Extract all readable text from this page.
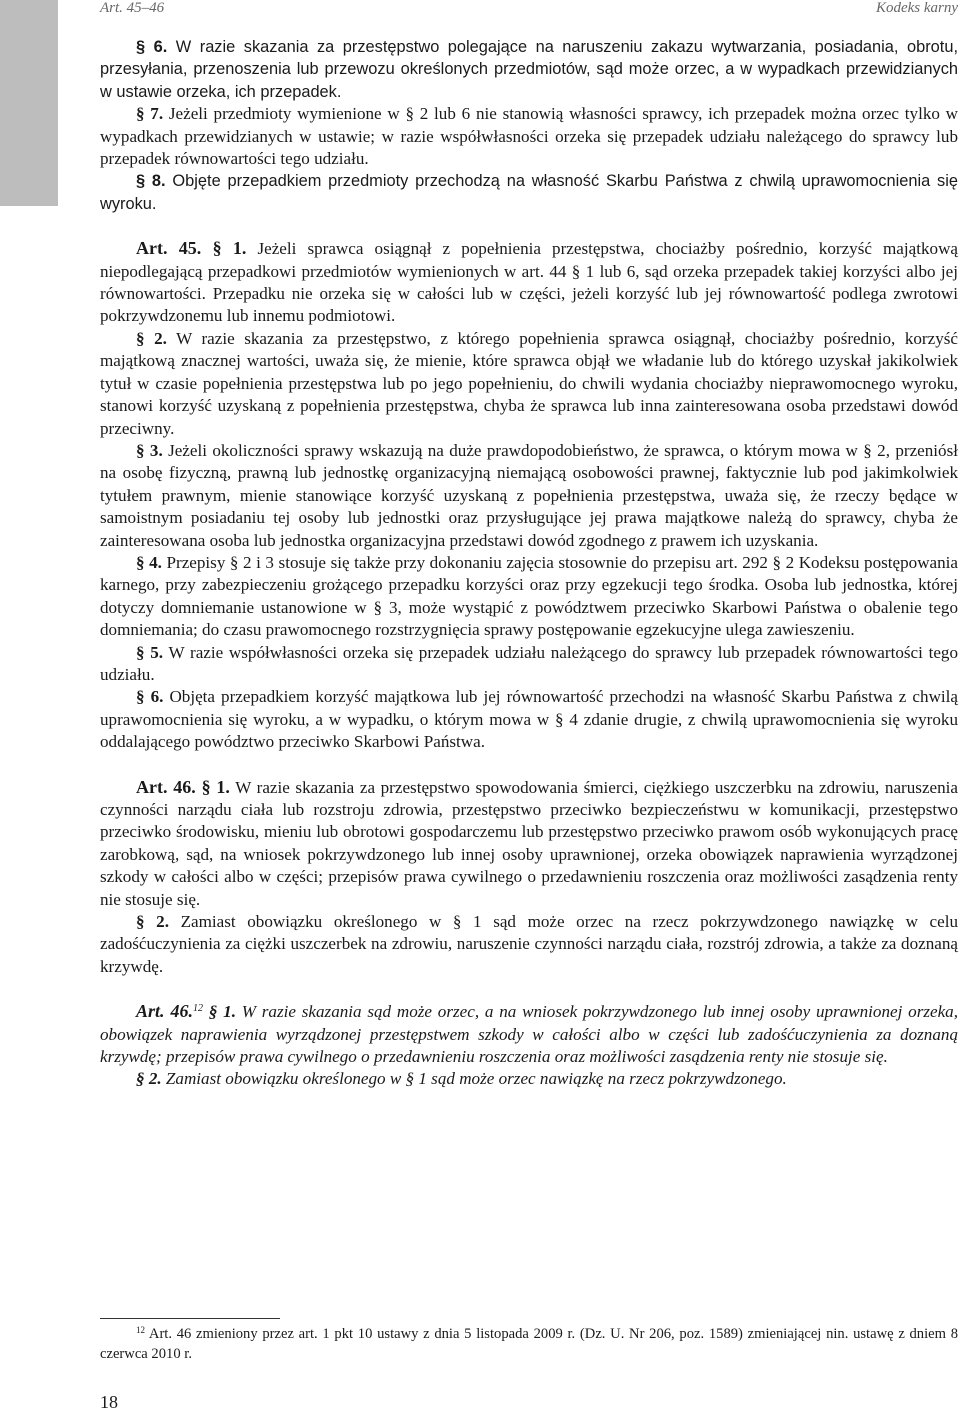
Art. 45–46	Kodeks karny

§ 6. W razie skazania za przestępstwo polegające na naruszeniu zakazu wytwarzania, posiadania, obrotu, przesyłania, przenoszenia lub przewozu określonych przedmiotów, sąd może orzec, a w wypadkach przewidzianych w ustawie orzeka, ich przepadek.

§ 7. Jeżeli przedmioty wymienione w § 2 lub 6 nie stanowią własności sprawcy, ich przepadek można orzec tylko w wypadkach przewidzianych w ustawie; w razie współwłasności orzeka się przepadek udziału należącego do sprawcy lub przepadek równowartości tego udziału.

§ 8. Objęte przepadkiem przedmioty przechodzą na własność Skarbu Państwa z chwilą uprawomocnienia się wyroku.

Art. 45. § 1. Jeżeli sprawca osiągnął z popełnienia przestępstwa, chociażby pośrednio, korzyść majątkową niepodlegającą przepadkowi przedmiotów wymienionych w art. 44 § 1 lub 6, sąd orzeka przepadek takiej korzyści albo jej równowartości. Przepadku nie orzeka się w całości lub w części, jeżeli korzyść lub jej równowartość podlega zwrotowi pokrzywdzonemu lub innemu podmiotowi.

§ 2. W razie skazania za przestępstwo, z którego popełnienia sprawca osiągnął, chociażby pośrednio, korzyść majątkową znacznej wartości, uważa się, że mienie, które sprawca objął we władanie lub do którego uzyskał jakikolwiek tytuł w czasie popełnienia przestępstwa lub po jego popełnieniu, do chwili wydania chociażby nieprawomocnego wyroku, stanowi korzyść uzyskaną z popełnienia przestępstwa, chyba że sprawca lub inna zainteresowana osoba przedstawi dowód przeciwny.

§ 3. Jeżeli okoliczności sprawy wskazują na duże prawdopodobieństwo, że sprawca, o którym mowa w § 2, przeniósł na osobę fizyczną, prawną lub jednostkę organizacyjną niemającą osobowości prawnej, faktycznie lub pod jakimkolwiek tytułem prawnym, mienie stanowiące korzyść uzyskaną z popełnienia przestępstwa, uważa się, że rzeczy będące w samoistnym posiadaniu tej osoby lub jednostki oraz przysługujące jej prawa majątkowe należą do sprawcy, chyba że zainteresowana osoba lub jednostka organizacyjna przedstawi dowód zgodnego z prawem ich uzyskania.

§ 4. Przepisy § 2 i 3 stosuje się także przy dokonaniu zajęcia stosownie do przepisu art. 292 § 2 Kodeksu postępowania karnego, przy zabezpieczeniu grożącego przepadku korzyści oraz przy egzekucji tego środka. Osoba lub jednostka, której dotyczy domniemanie ustanowione w § 3, może wystąpić z powództwem przeciwko Skarbowi Państwa o obalenie tego domniemania; do czasu prawomocnego rozstrzygnięcia sprawy postępowanie egzekucyjne ulega zawieszeniu.

§ 5. W razie współwłasności orzeka się przepadek udziału należącego do sprawcy lub przepadek równowartości tego udziału.

§ 6. Objęta przepadkiem korzyść majątkowa lub jej równowartość przechodzi na własność Skarbu Państwa z chwilą uprawomocnienia się wyroku, a w wypadku, o którym mowa w § 4 zdanie drugie, z chwilą uprawomocnienia się wyroku oddalającego powództwo przeciwko Skarbowi Państwa.

Art. 46. § 1. W razie skazania za przestępstwo spowodowania śmierci, ciężkiego uszczerbku na zdrowiu, naruszenia czynności narządu ciała lub rozstroju zdrowia, przestępstwo przeciwko bezpieczeństwu w komunikacji, przestępstwo przeciwko środowisku, mieniu lub obrotowi gospodarczemu lub przestępstwo przeciwko prawom osób wykonujących pracę zarobkową, sąd, na wniosek pokrzywdzonego lub innej osoby uprawnionej, orzeka obowiązek naprawienia wyrządzonej szkody w całości albo w części; przepisów prawa cywilnego o przedawnieniu roszczenia oraz możliwości zasądzenia renty nie stosuje się.

§ 2. Zamiast obowiązku określonego w § 1 sąd może orzec na rzecz pokrzywdzonego nawiązkę w celu zadośćuczynienia za ciężki uszczerbek na zdrowiu, naruszenie czynności narządu ciała, rozstrój zdrowia, a także za doznaną krzywdę.

Art. 46.12 § 1. W razie skazania sąd może orzec, a na wniosek pokrzywdzonego lub innej osoby uprawnionej orzeka, obowiązek naprawienia wyrządzonej przestępstwem szkody w całości albo w części lub zadośćuczynienia za doznaną krzywdę; przepisów prawa cywilnego o przedawnieniu roszczenia oraz możliwości zasądzenia renty nie stosuje się.

§ 2. Zamiast obowiązku określonego w § 1 sąd może orzec nawiązkę na rzecz pokrzywdzonego.

$^{12}$ Art. 46 zmieniony przez art. 1 pkt 10 ustawy z dnia 5 listopada 2009 r. (Dz. U. Nr 206, poz. 1589) zmieniającej nin. ustawę z dniem 8 czerwca 2010 r.

18
